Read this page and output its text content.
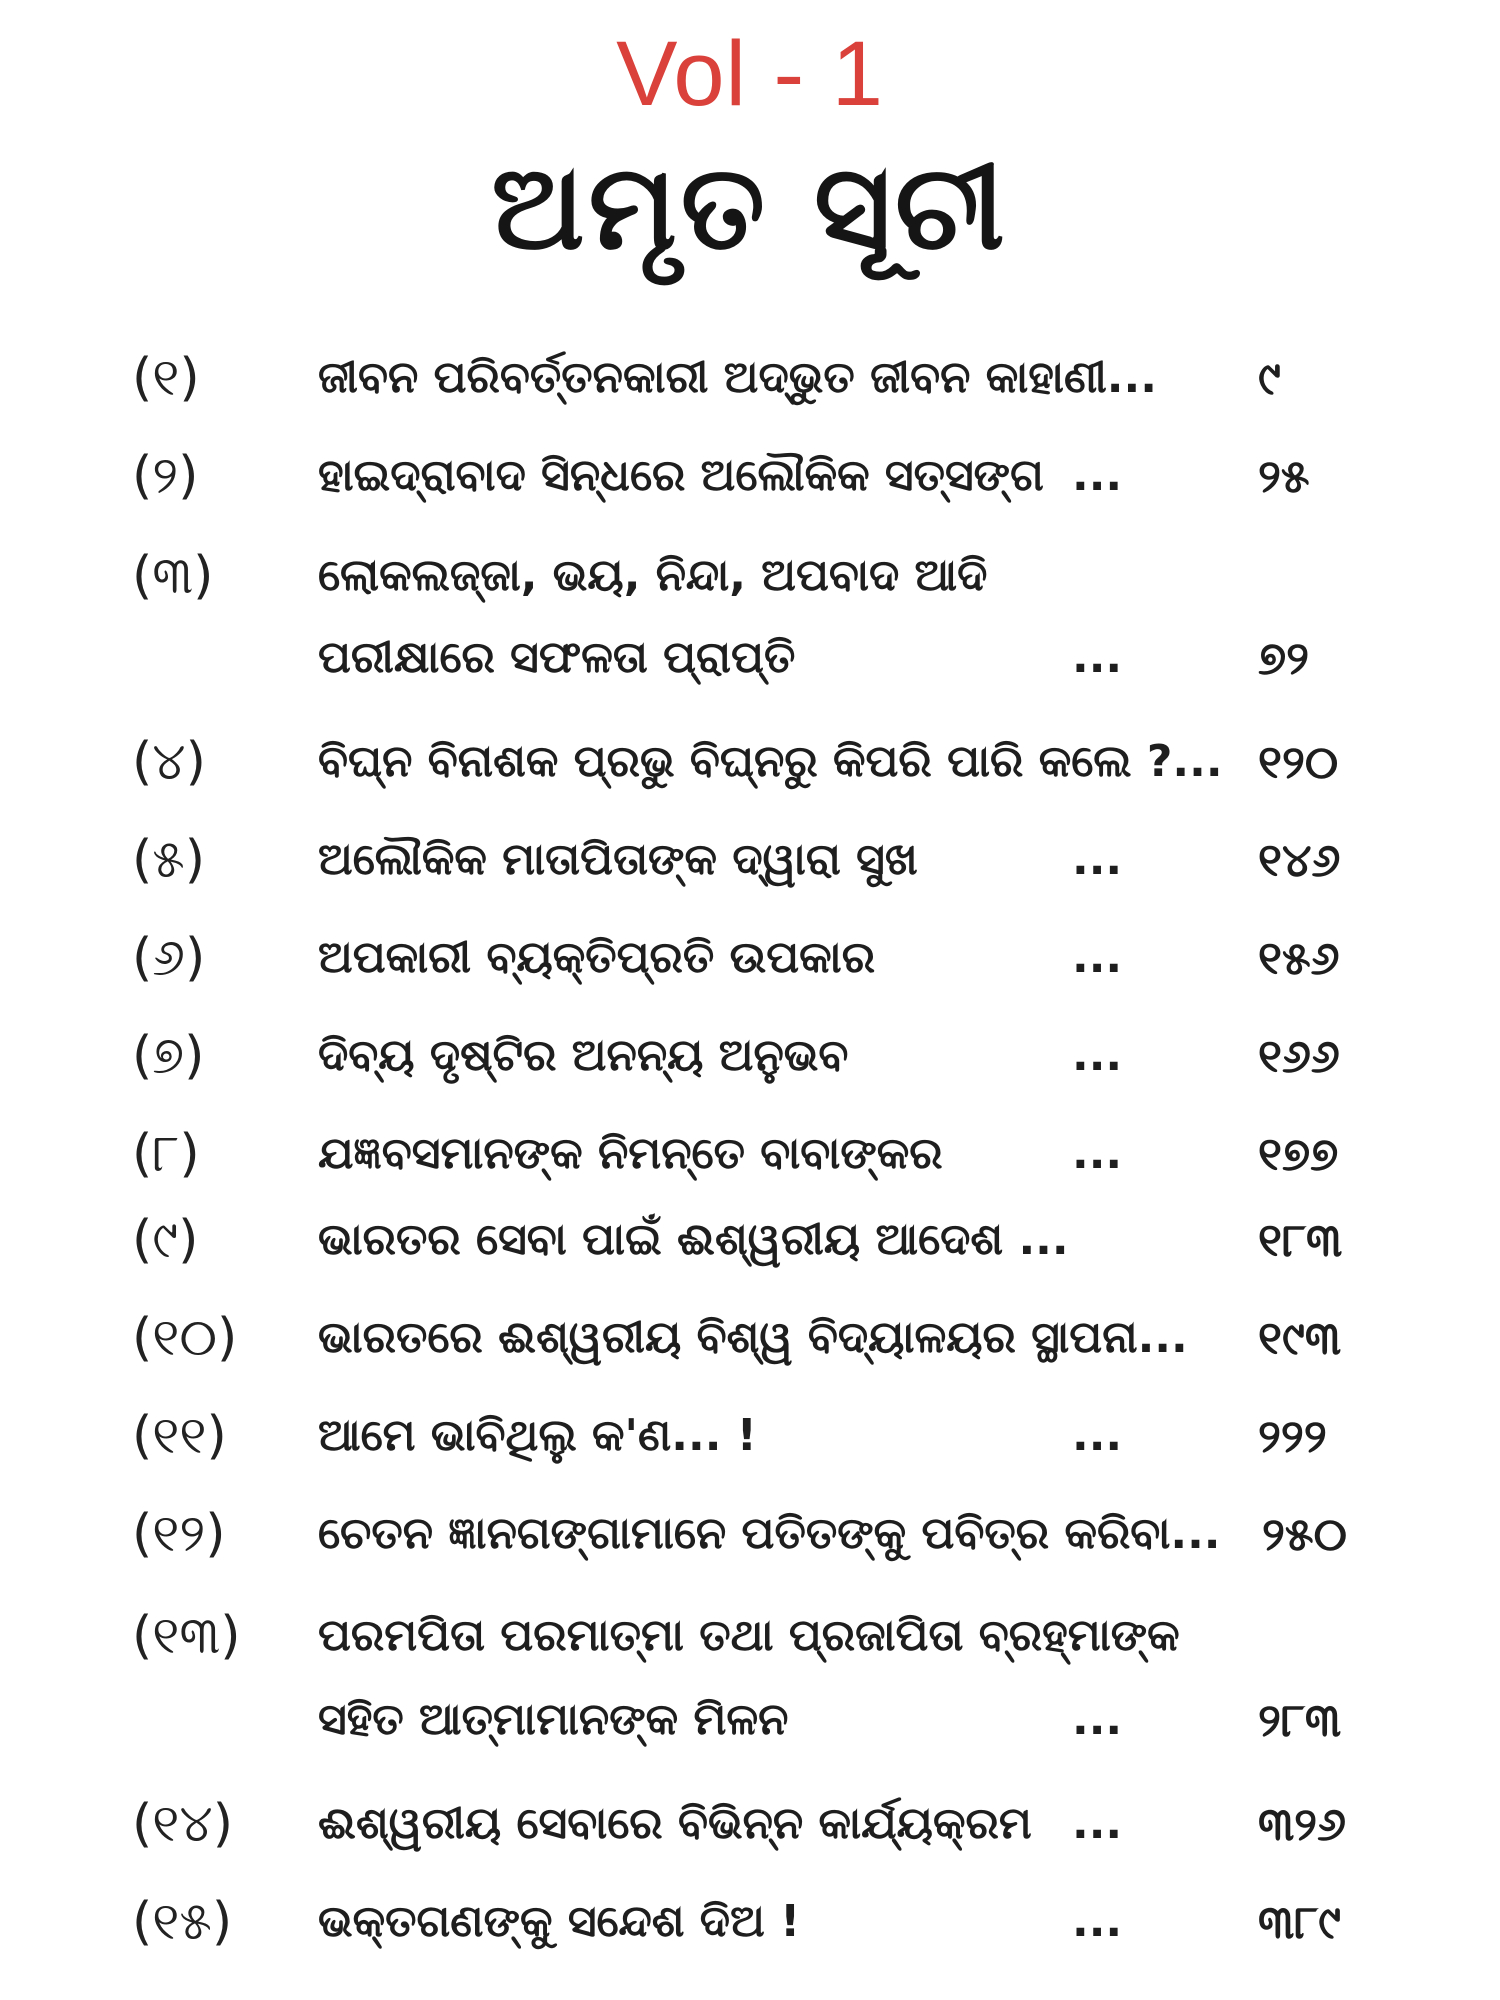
Vol - 1
ଅମୃତ ସୂଚୀ
(୧)	ଜୀବନ ପରିବର୍ତ୍ତନକାରୀ ଅଦ୍ଭୁତ ଜୀବନ କାହାଣୀ... ୯
(୨)	ହାଇଦ୍ରାବାଦ ସିନ୍ଧରେ ଅଲୌକିକ ସତ୍‌ସଙ୍ଗ ...	୨୫
(୩)	ଲୋକଲଜ୍ଜା, ଭୟ, ନିନ୍ଦା, ଅପବାଦ ଆଦି
ପରୀକ୍ଷାରେ ସଫଳତା ପ୍ରାପ୍ତି	...	୭୨
(୪)	ବିଘ୍ନ ବିନାଶକ ପ୍ରଭୁ ବିଘ୍ନରୁ କିପରି ପାରି କଲେ ?... ୧୨୦
(୫)	ଅଲୌକିକ ମାତାପିତାଙ୍କ ଦ୍ୱାରା ସୁଖ	...	୧୪୬
(୬)	ଅପକାରୀ ବ୍ୟକ୍ତିପ୍ରତି ଉପକାର	...	୧୫୬
(୭)	ଦିବ୍ୟ ଦୃଷ୍ଟିର ଅନନ୍ୟ ଅନୁଭବ	...	୧୬୬
(୮)	ଯଜ୍ଞବସମାନଙ୍କ ନିମନ୍ତେ ବାବାଙ୍କର	...	୧୭୭
(୯)	ଭାରତର ସେବା ପାଇଁ ଈଶ୍ୱରୀୟ ଆଦେଶ ...	୧୮୩
(୧୦)	ଭାରତରେ ଈଶ୍ୱରୀୟ ବିଶ୍ୱ ବିଦ୍ୟାଳୟର ସ୍ଥାପନା... ୧୯୩
(୧୧)	ଆମେ ଭାବିଥିଲୁ କ'ଣ... !	...	୨୨୨
(୧୨)	ଚେତନ ଜ୍ଞାନଗଙ୍ଗାମାନେ ପତିତଙ୍କୁ ପବିତ୍ର କରିବା... ୨୫୦
(୧୩)	ପରମପିତା ପରମାତ୍ମା ତଥା ପ୍ରଜାପିତା ବ୍ରହ୍ମାଙ୍କ
ସହିତ ଆତ୍ମାମାନଙ୍କ ମିଳନ	...	୨୮୩
(୧୪)	ଈଶ୍ୱରୀୟ ସେବାରେ ବିଭିନ୍ନ କାର୍ଯ୍ୟକ୍ରମ ...	୩୨୬
(୧୫)	ଭକ୍ତଗଣଙ୍କୁ ସନ୍ଦେଶ ଦିଅ !	...	୩୮୯
